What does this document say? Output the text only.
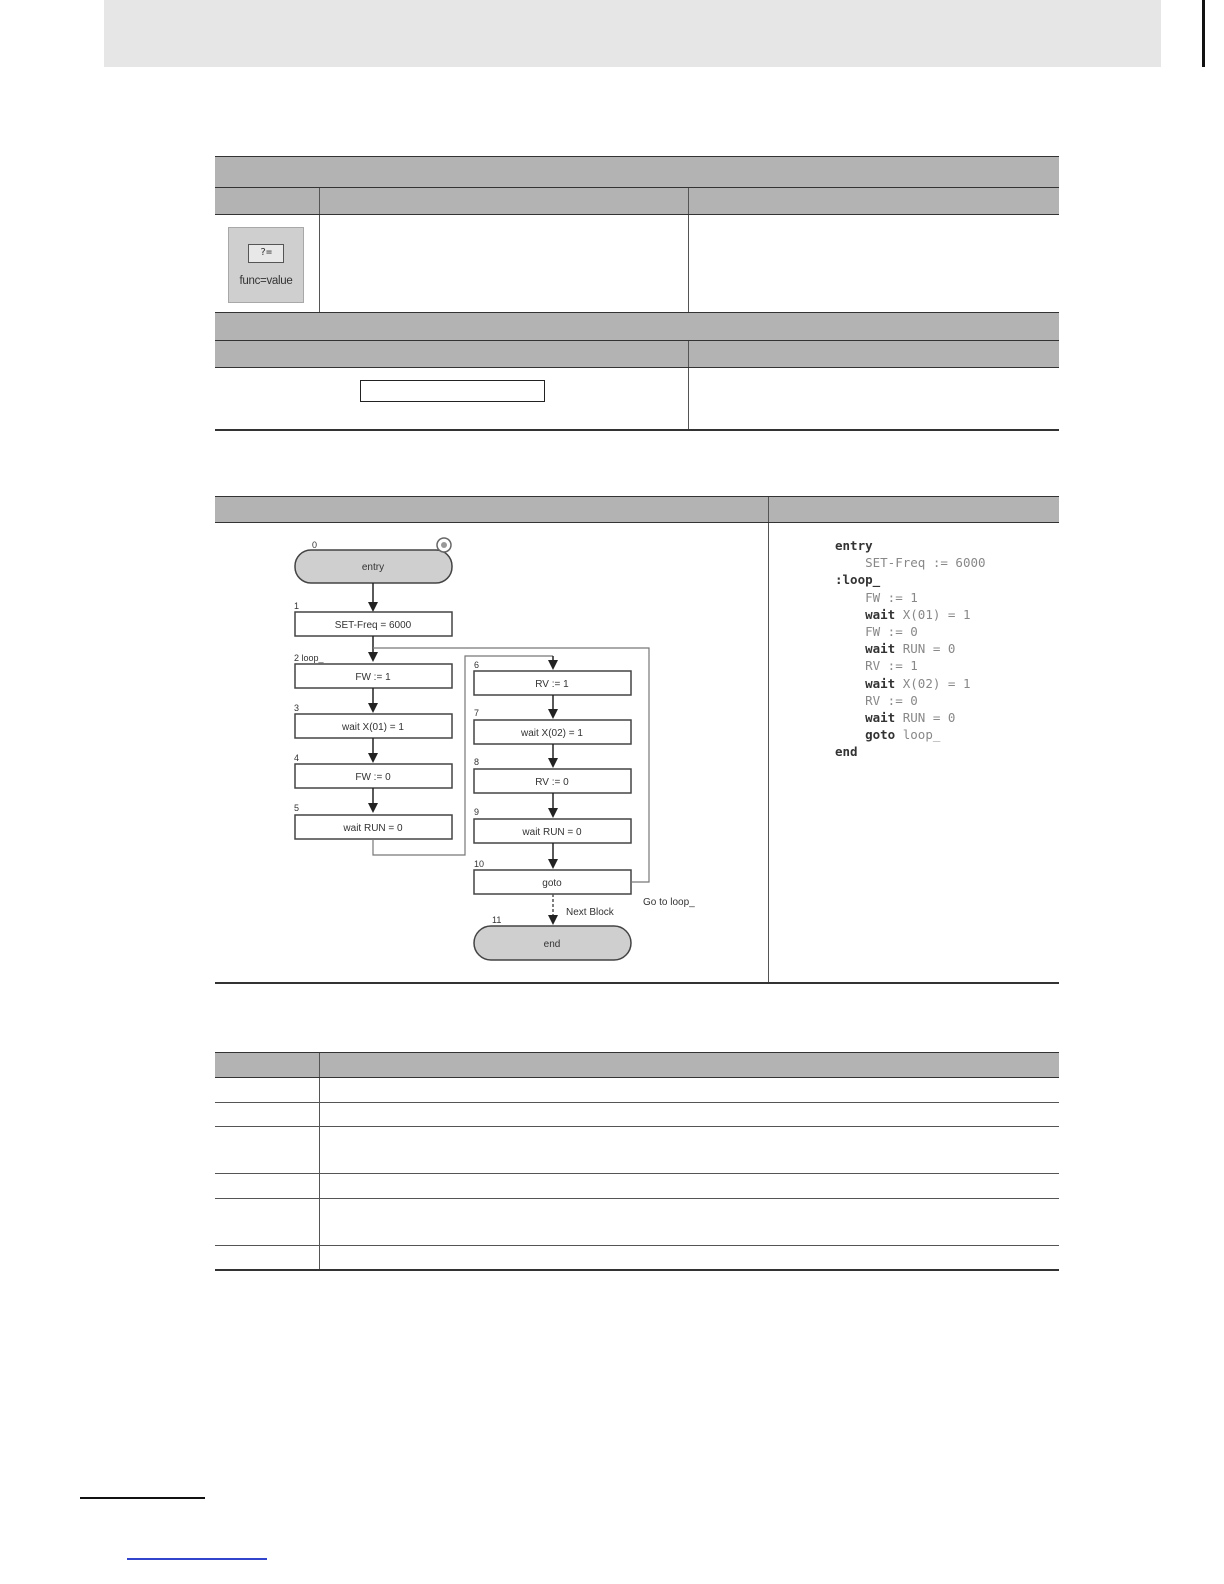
?=
func=value
0
entry
1
SET-Freq = 6000
2 loop_
FW := 1
3
wait X(01) = 1
4
FW := 0
5
wait RUN = 0
6
RV := 1
7
wait X(02) = 1
8
RV := 0
9
wait RUN = 0
10
goto
Go to loop_
Next Block
11
end
entry
SET-Freq := 6000
:loop_
FW := 1
wait X(01) = 1
FW := 0
wait RUN = 0
RV := 1
wait X(02) = 1
RV := 0
wait RUN = 0
goto loop_
end
